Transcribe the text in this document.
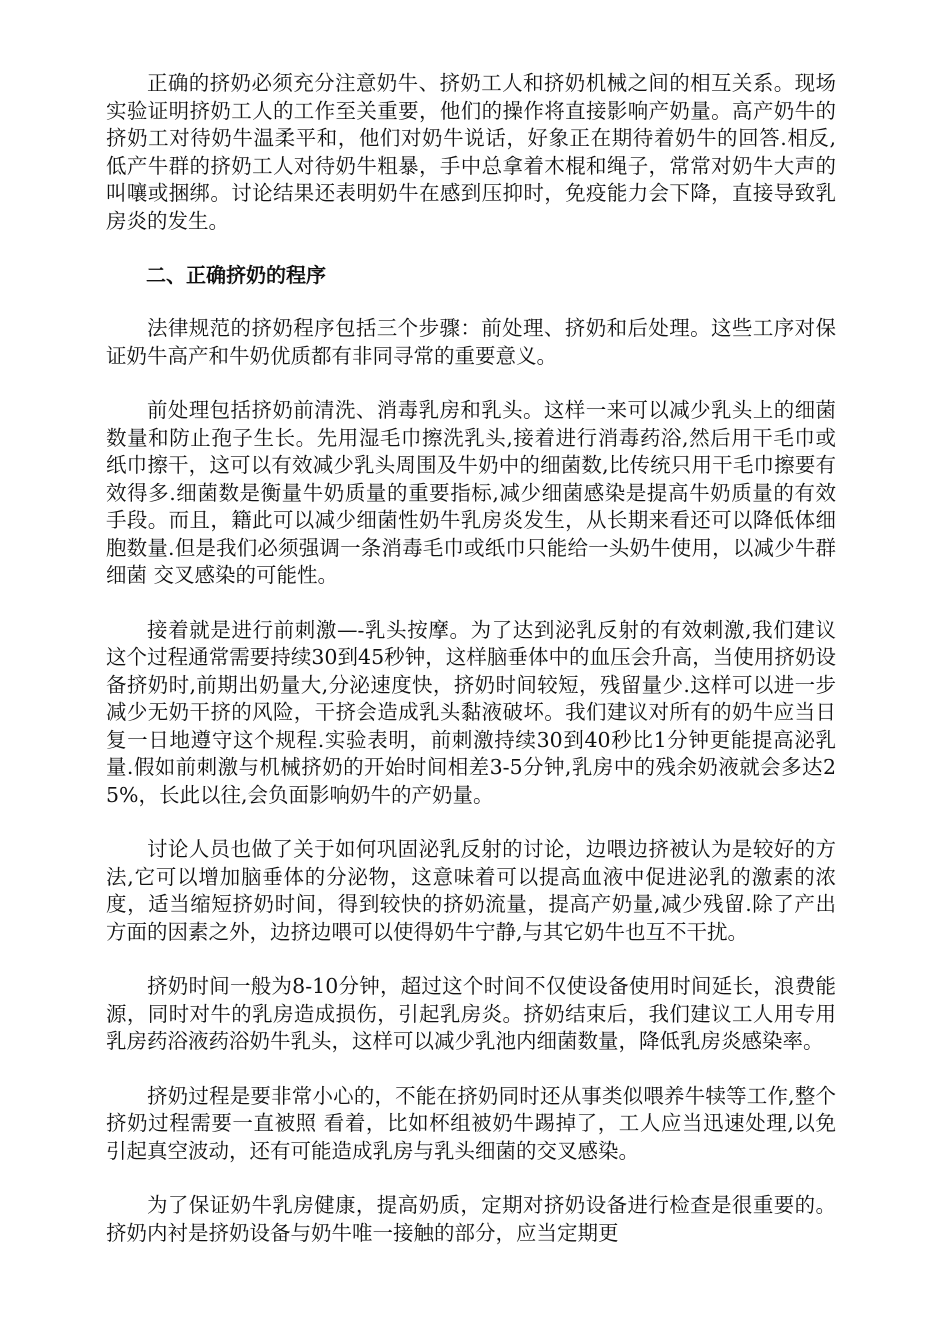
正确的挤奶必须充分注意奶牛、挤奶工人和挤奶机械之间的相互关系。现场实验证明挤奶工人的工作至关重要，他们的操作将直接影响产奶量。高产奶牛的挤奶工对待奶牛温柔平和，他们对奶牛说话，好象正在期待着奶牛的回答.相反,低产牛群的挤奶工人对待奶牛粗暴，手中总拿着木棍和绳子，常常对奶牛大声的叫嚷或捆绑。讨论结果还表明奶牛在感到压抑时，免疫能力会下降，直接导致乳房炎的发生。

二、正确挤奶的程序

法律规范的挤奶程序包括三个步骤：前处理、挤奶和后处理。这些工序对保证奶牛高产和牛奶优质都有非同寻常的重要意义。

前处理包括挤奶前清洗、消毒乳房和乳头。这样一来可以减少乳头上的细菌数量和防止孢子生长。先用湿毛巾擦洗乳头,接着进行消毒药浴,然后用干毛巾或纸巾擦干，这可以有效减少乳头周围及牛奶中的细菌数,比传统只用干毛巾擦要有效得多.细菌数是衡量牛奶质量的重要指标,减少细菌感染是提高牛奶质量的有效手段。而且，籍此可以减少细菌性奶牛乳房炎发生，从长期来看还可以降低体细胞数量.但是我们必须强调一条消毒毛巾或纸巾只能给一头奶牛使用，以减少牛群细菌 交叉感染的可能性。

接着就是进行前刺激—-乳头按摩。为了达到泌乳反射的有效刺激,我们建议这个过程通常需要持续30到45秒钟，这样脑垂体中的血压会升高，当使用挤奶设备挤奶时,前期出奶量大,分泌速度快，挤奶时间较短，残留量少.这样可以进一步减少无奶干挤的风险，干挤会造成乳头黏液破坏。我们建议对所有的奶牛应当日复一日地遵守这个规程.实验表明，前刺激持续30到40秒比1分钟更能提高泌乳量.假如前刺激与机械挤奶的开始时间相差3-5分钟,乳房中的残余奶液就会多达25%，长此以往,会负面影响奶牛的产奶量。

讨论人员也做了关于如何巩固泌乳反射的讨论，边喂边挤被认为是较好的方法,它可以增加脑垂体的分泌物，这意味着可以提高血液中促进泌乳的激素的浓度，适当缩短挤奶时间，得到较快的挤奶流量，提高产奶量,减少残留.除了产出方面的因素之外，边挤边喂可以使得奶牛宁静,与其它奶牛也互不干扰。

挤奶时间一般为8-10分钟，超过这个时间不仅使设备使用时间延长，浪费能源，同时对牛的乳房造成损伤，引起乳房炎。挤奶结束后，我们建议工人用专用乳房药浴液药浴奶牛乳头，这样可以减少乳池内细菌数量，降低乳房炎感染率。

挤奶过程是要非常小心的，不能在挤奶同时还从事类似喂养牛犊等工作,整个挤奶过程需要一直被照 看着，比如杯组被奶牛踢掉了，工人应当迅速处理,以免引起真空波动，还有可能造成乳房与乳头细菌的交叉感染。

为了保证奶牛乳房健康，提高奶质，定期对挤奶设备进行检查是很重要的。 挤奶内衬是挤奶设备与奶牛唯一接触的部分，应当定期更
